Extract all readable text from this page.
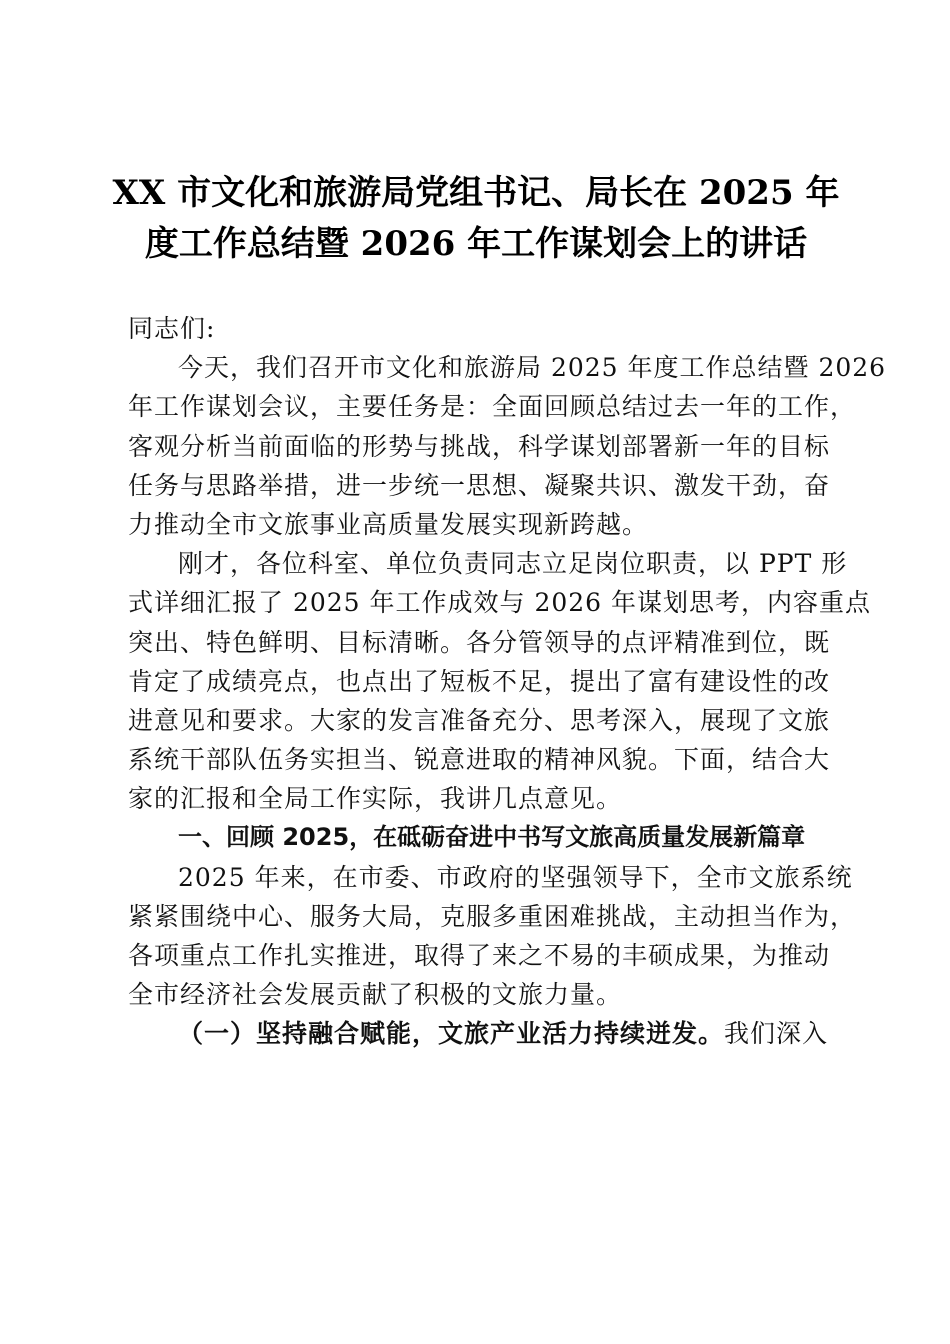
XX 市文化和旅游局党组书记、局长在 2025 年
度工作总结暨 2026 年工作谋划会上的讲话
同志们:
今天，我们召开市文化和旅游局 2025 年度工作总结暨 2026
年工作谋划会议，主要任务是：全面回顾总结过去一年的工作，
客观分析当前面临的形势与挑战，科学谋划部署新一年的目标
任务与思路举措，进一步统一思想、凝聚共识、激发干劲，奋
力推动全市文旅事业高质量发展实现新跨越。
刚才，各位科室、单位负责同志立足岗位职责，以 PPT 形
式详细汇报了 2025 年工作成效与 2026 年谋划思考，内容重点
突出、特色鲜明、目标清晰。各分管领导的点评精准到位，既
肯定了成绩亮点，也点出了短板不足，提出了富有建设性的改
进意见和要求。大家的发言准备充分、思考深入，展现了文旅
系统干部队伍务实担当、锐意进取的精神风貌。下面，结合大
家的汇报和全局工作实际，我讲几点意见。
一、回顾 2025，在砥砺奋进中书写文旅高质量发展新篇章
2025 年来，在市委、市政府的坚强领导下，全市文旅系统
紧紧围绕中心、服务大局，克服多重困难挑战，主动担当作为，
各项重点工作扎实推进，取得了来之不易的丰硕成果，为推动
全市经济社会发展贡献了积极的文旅力量。
（一）坚持融合赋能，文旅产业活力持续迸发。我们深入
